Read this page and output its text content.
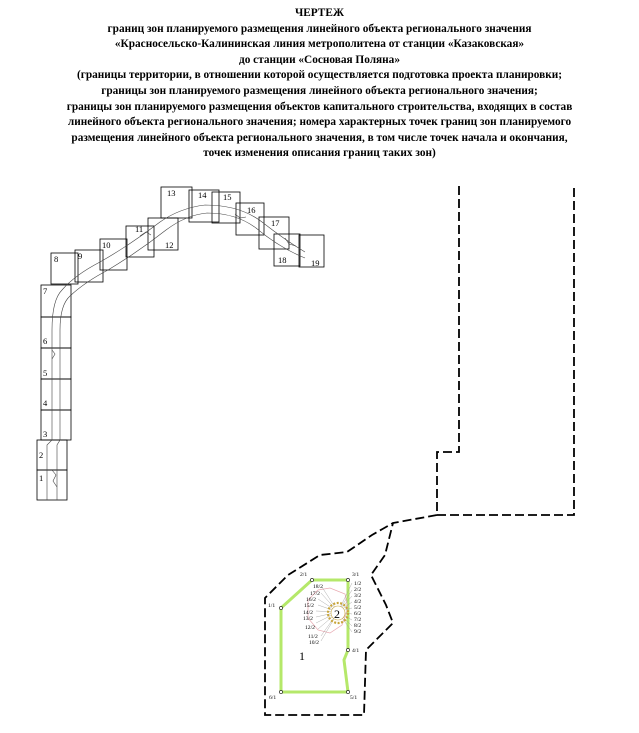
ЧЕРТЕЖ
границ зон планируемого размещения линейного объекта регионального значения
«Красносельско-Калининская линия метрополитена от станции «Казаковская»
до станции «Сосновая Поляна»
(границы территории, в отношении которой осуществляется подготовка проекта планировки;
границы зон планируемого размещения линейного объекта регионального значения;
границы зон планируемого размещения объектов капитального строительства, входящих в состав
линейного объекта регионального значения; номера характерных точек границ зон планируемого
размещения линейного объекта регионального значения, в том числе точек начала и окончания,
точек изменения описания границ таких зон)
1
2
3
4
5
6
7
8 9
10
11
12
13	14 15
16
17
18	19
2
1/1
2/1	3/1
4/1
5/1
6/1
1/2
2/2
3/2
4/2
5/2
6/2
7/2
8/2
9/2
18/2
17/2
16/2
15/2
14/2
13/2
12/2
11/2
10/2
1
